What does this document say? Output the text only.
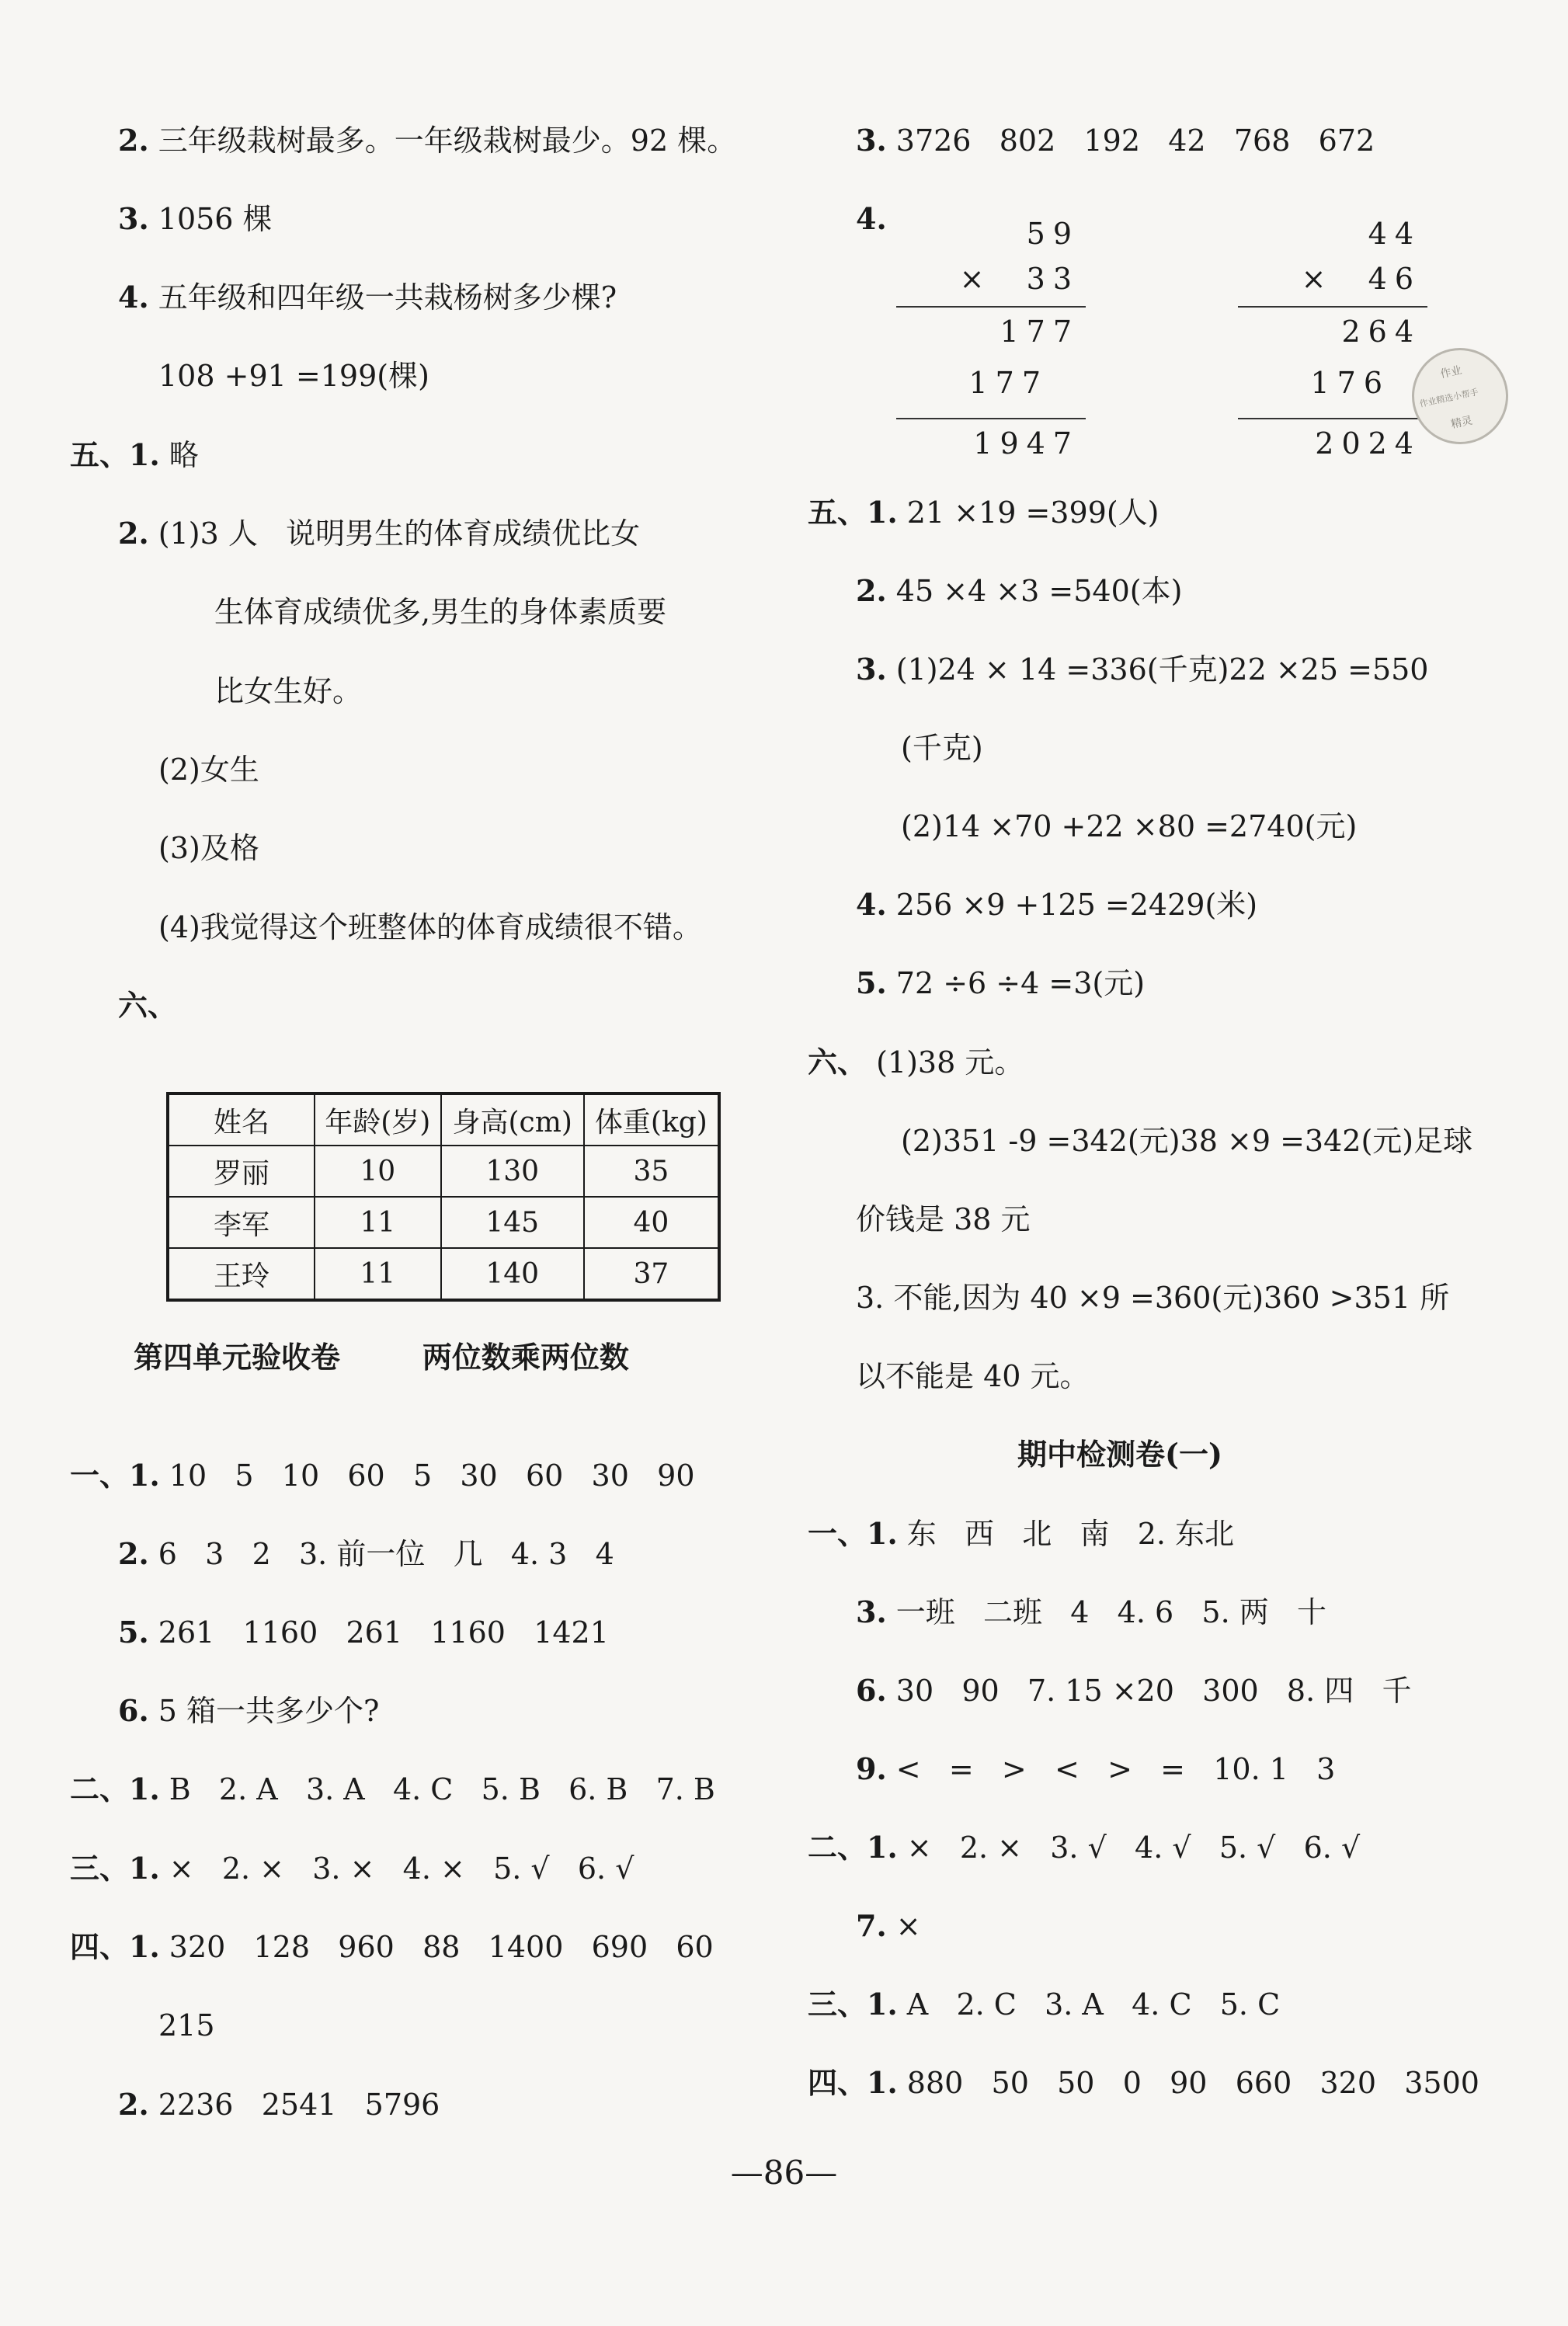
2. 三年级栽树最多。一年级栽树最少。92 棵。
3. 1056 棵
4. 五年级和四年级一共栽杨树多少棵?
108 +91 =199(棵)
五、1. 略
2. (1)3 人   说明男生的体育成绩优比女
生体育成绩优多,男生的身体素质要
比女生好。
(2)女生
(3)及格
(4)我觉得这个班整体的体育成绩很不错。
六、
一、1. 10   5   10   60   5   30   60   30   90
2. 6   3   2   3. 前一位   几   4. 3   4
5. 261   1160   261   1160   1421
6. 5 箱一共多少个?
二、1. B   2. A   3. A   4. C   5. B   6. B   7. B
三、1. ×   2. ×   3. ×   4. ×   5. √   6. √
四、1. 320   128   960   88   1400   690   60
215
2. 2236   2541   5796
第四单元验收卷        两位数乘两位数
3. 3726   802   192   42   768   672
4.
五、1. 21 ×19 =399(人)
2. 45 ×4 ×3 =540(本)
3. (1)24 × 14 =336(千克)22 ×25 =550
(千克)
(2)14 ×70 +22 ×80 =2740(元)
4. 256 ×9 +125 =2429(米)
5. 72 ÷6 ÷4 =3(元)
六、 (1)38 元。
(2)351 -9 =342(元)38 ×9 =342(元)足球
价钱是 38 元
3. 不能,因为 40 ×9 =360(元)360 >351 所
以不能是 40 元。
一、1. 东   西   北   南   2. 东北
3. 一班   二班   4   4. 6   5. 两   十
6. 30   90   7. 15 ×20   300   8. 四   千
9. <   =   >   <   >   =   10. 1   3
二、1. ×   2. ×   3. √   4. √   5. √   6. √
7. ×
三、1. A   2. C   3. A   4. C   5. C
四、1. 880   50   50   0   90   660   320   3500
期中检测卷(一)
姓名	年龄(岁)	身高(cm)	体重(kg)
罗丽	10	130	35
李军	11	145	40
王玲	11	140	37
59
×  33
177
177
1947
44
×  46
264
176
2024
作业
作业精选小帮手
精灵
—86—
